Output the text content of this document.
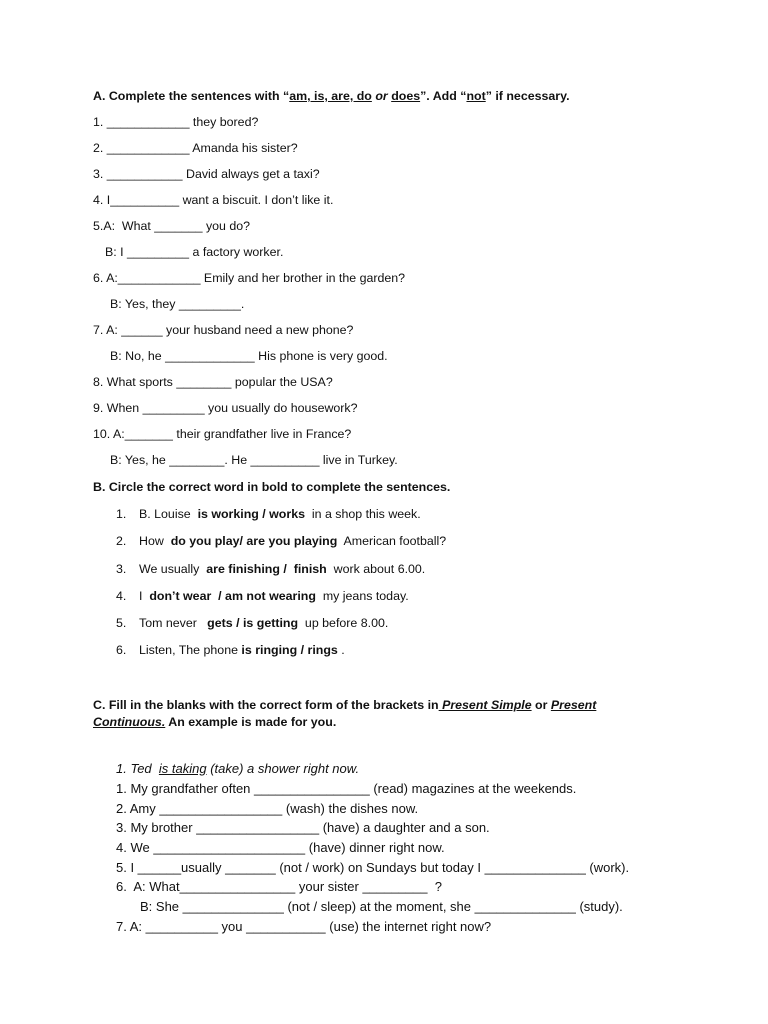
A. Complete the sentences with “am, is, are, do or does”. Add “not” if necessary.
1. ____________ they bored?
2. ____________ Amanda his sister?
3. ___________ David always get a taxi?
4. I__________ want a biscuit. I don’t like it.
5.A:  What _______ you do?
B: I _________ a factory worker.
6. A:____________ Emily and her brother in the garden?
B: Yes, they _________.
7. A: ______ your husband need a new phone?
B: No, he _____________ His phone is very good.
8. What sports ________ popular the USA?
9. When _________ you usually do housework?
10. A:_______ their grandfather live in France?
B: Yes, he ________. He __________ live in Turkey.
B. Circle the correct word in bold to complete the sentences.
1. B. Louise  is working / works  in a shop this week.
2. How  do you play/ are you playing  American football?
3. We usually  are finishing /  finish  work about 6.00.
4. I  don’t wear  / am not wearing  my jeans today.
5. Tom never   gets / is getting  up before 8.00.
6. Listen, The phone is ringing / rings .
C. Fill in the blanks with the correct form of the brackets in Present Simple or Present
Continuous. An example is made for you.
1. Ted  is taking (take) a shower right now.
1. My grandfather often ________________ (read) magazines at the weekends.
2. Amy _________________ (wash) the dishes now.
3. My brother _________________ (have) a daughter and a son.
4. We _____________________ (have) dinner right now.
5. I ______usually _______ (not / work) on Sundays but today I ______________ (work).
6.  A: What________________ your sister _________  ?
B: She ______________ (not / sleep) at the moment, she ______________ (study).
7. A: __________ you ___________ (use) the internet right now?
